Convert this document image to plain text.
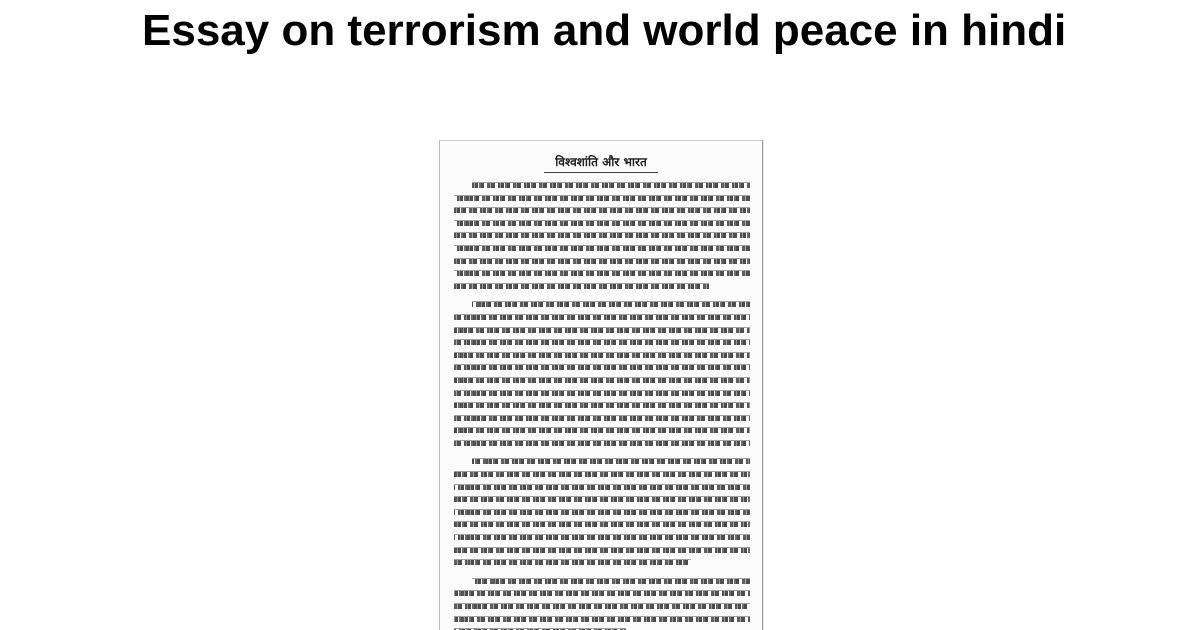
Essay on terrorism and world peace in hindi
विश्वशांति और भारत
